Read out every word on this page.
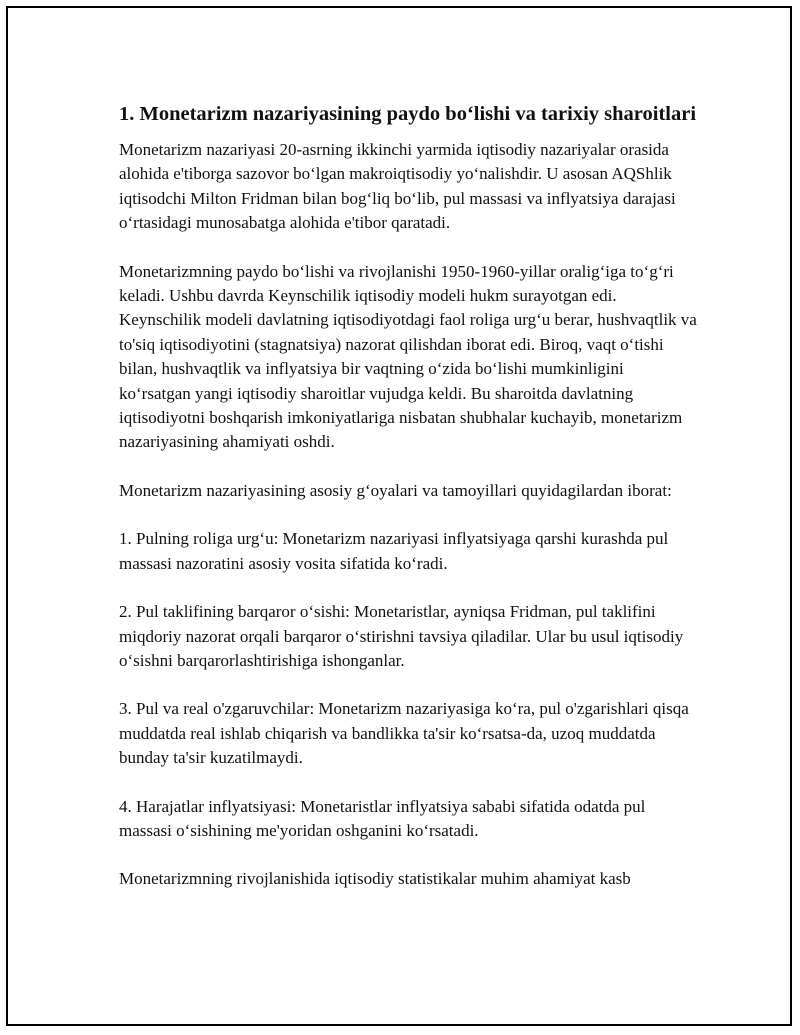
1. Monetarizm nazariyasining paydo bo‘lishi va tarixiy sharoitlari

Monetarizm nazariyasi 20-asrning ikkinchi yarmida iqtisodiy nazariyalar orasida alohida e'tiborga sazovor bo‘lgan makroiqtisodiy yo‘nalishdir. U asosan AQShlik iqtisodchi Milton Fridman bilan bog‘liq bo‘lib, pul massasi va inflyatsiya darajasi o‘rtasidagi munosabatga alohida e'tibor qaratadi.

Monetarizmning paydo bo‘lishi va rivojlanishi 1950-1960-yillar oralig‘iga to‘g‘ri keladi. Ushbu davrda Keynschilik iqtisodiy modeli hukm surayotgan edi. Keynschilik modeli davlatning iqtisodiyotdagi faol roliga urg‘u berar, hushvaqtlik va to'siq iqtisodiyotini (stagnatsiya) nazorat qilishdan iborat edi. Biroq, vaqt o‘tishi bilan, hushvaqtlik va inflyatsiya bir vaqtning o‘zida bo‘lishi mumkinligini ko‘rsatgan yangi iqtisodiy sharoitlar vujudga keldi. Bu sharoitda davlatning iqtisodiyotni boshqarish imkoniyatlariga nisbatan shubhalar kuchayib, monetarizm nazariyasining ahamiyati oshdi.

Monetarizm nazariyasining asosiy g‘oyalari va tamoyillari quyidagilardan iborat:

1. Pulning roliga urg‘u: Monetarizm nazariyasi inflyatsiyaga qarshi kurashda pul massasi nazoratini asosiy vosita sifatida ko‘radi.

2. Pul taklifining barqaror o‘sishi: Monetaristlar, ayniqsa Fridman, pul taklifini miqdoriy nazorat orqali barqaror o‘stirishni tavsiya qiladilar. Ular bu usul iqtisodiy o‘sishni barqarorlashtirishiga ishonganlar.

3. Pul va real o'zgaruvchilar: Monetarizm nazariyasiga ko‘ra, pul o'zgarishlari qisqa muddatda real ishlab chiqarish va bandlikka ta'sir ko‘rsatsa-da, uzoq muddatda bunday ta'sir kuzatilmaydi.

4. Harajatlar inflyatsiyasi: Monetaristlar inflyatsiya sababi sifatida odatda pul massasi o‘sishining me'yoridan oshganini ko‘rsatadi.

Monetarizmning rivojlanishida iqtisodiy statistikalar muhim ahamiyat kasb
